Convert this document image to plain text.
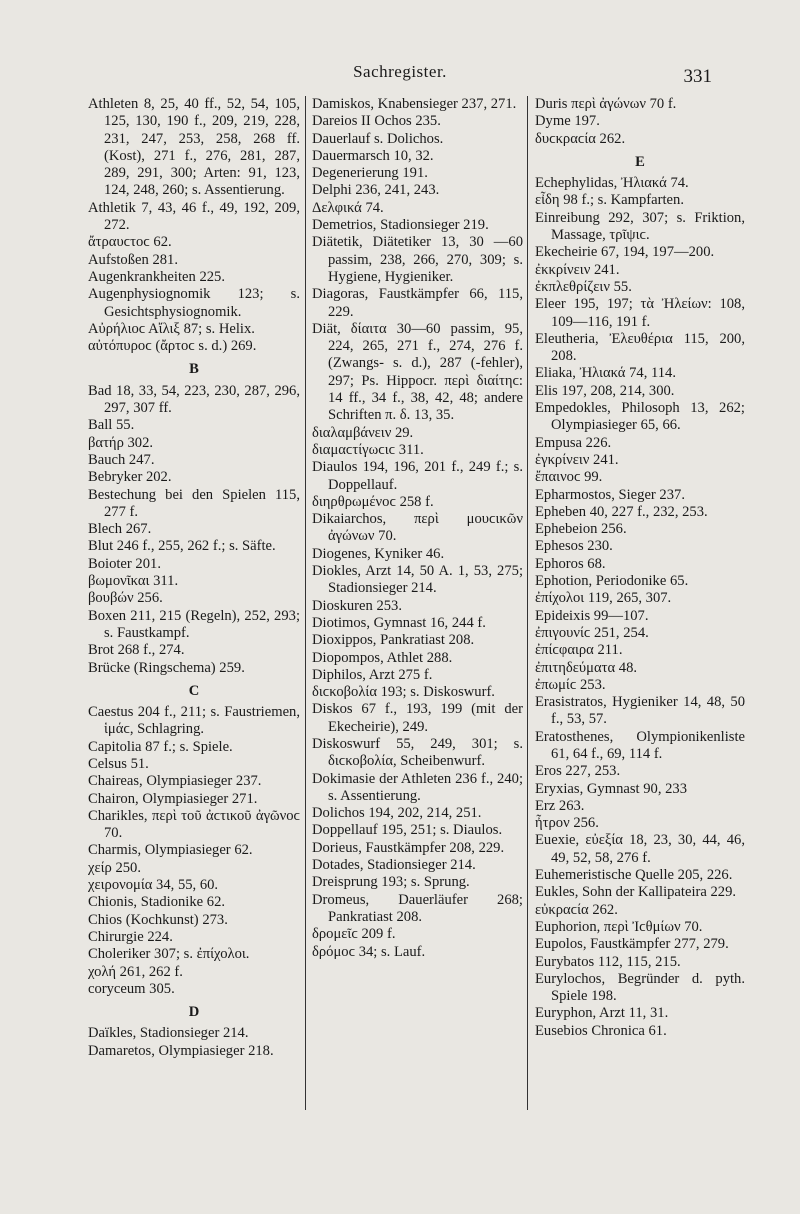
Sachregister.	331
Athleten 8, 25, 40 ff., 52, 54, 105, 125, 130, 190 f., 209, 219, 228, 231, 247, 253, 258, 268 ff. (Kost), 271 f., 276, 281, 287, 289, 291, 300; Arten: 91, 123, 124, 248, 260; s. Assentierung.
Athletik 7, 43, 46 f., 49, 192, 209, 272.
ἄτραυϲτοϲ 62.
Aufstoßen 281.
Augenkrankheiten 225.
Augenphysiognomik 123; s. Gesichtsphysiognomik.
Αὐρήλιοϲ Αἴλιξ 87; s. Helix.
αὐτόπυροϲ (ἄρτοϲ s. d.) 269.
B
Bad 18, 33, 54, 223, 230, 287, 296, 297, 307 ff.
Ball 55.
βατήρ 302.
Bauch 247.
Bebryker 202.
Bestechung bei den Spielen 115, 277 f.
Blech 267.
Blut 246 f., 255, 262 f.; s. Säfte.
Boioter 201.
βωμονῖκαι 311.
βουβών 256.
Boxen 211, 215 (Regeln), 252, 293; s. Faustkampf.
Brot 268 f., 274.
Brücke (Ringschema) 259.
C
Caestus 204 f., 211; s. Faustriemen, ἱμάϲ, Schlagring.
Capitolia 87 f.; s. Spiele.
Celsus 51.
Chaireas, Olympiasieger 237.
Chairon, Olympiasieger 271.
Charikles, περὶ τοῦ ἀϲτικοῦ ἀγῶνοϲ 70.
Charmis, Olympiasieger 62.
χείρ 250.
χειρονομία 34, 55, 60.
Chionis, Stadionike 62.
Chios (Kochkunst) 273.
Chirurgie 224.
Choleriker 307; s. ἐπίχολοι.
χολή 261, 262 f.
coryceum 305.
D
Daïkles, Stadionsieger 214.
Damaretos, Olympiasieger 218.
Damiskos, Knabensieger 237, 271.
Dareios II Ochos 235.
Dauerlauf s. Dolichos.
Dauermarsch 10, 32.
Degenerierung 191.
Delphi 236, 241, 243.
Δελφικά 74.
Demetrios, Stadionsieger 219.
Diätetik, Diätetiker 13, 30 —60 passim, 238, 266, 270, 309; s. Hygiene, Hygieniker.
Diagoras, Faustkämpfer 66, 115, 229.
Diät, δίαιτα 30—60 passim, 95, 224, 265, 271 f., 274, 276 f. (Zwangs- s. d.), 287 (-fehler), 297; Ps. Hippocr. περὶ διαίτηϲ: 14 ff., 34 f., 38, 42, 48; andere Schriften π. δ. 13, 35.
διαλαμβάνειν 29.
διαμαϲτίγωϲιϲ 311.
Diaulos 194, 196, 201 f., 249 f.; s. Doppellauf.
διηρθρωμένοϲ 258 f.
Dikaiarchos, περὶ μουϲικῶν ἀγώνων 70.
Diogenes, Kyniker 46.
Diokles, Arzt 14, 50 A. 1, 53, 275; Stadionsieger 214.
Dioskuren 253.
Diotimos, Gymnast 16, 244 f.
Dioxippos, Pankratiast 208.
Diopompos, Athlet 288.
Diphilos, Arzt 275 f.
διϲκοβολία 193; s. Diskoswurf.
Diskos 67 f., 193, 199 (mit der Ekecheirie), 249.
Diskoswurf 55, 249, 301; s. διϲκοβολία, Scheibenwurf.
Dokimasie der Athleten 236 f., 240; s. Assentierung.
Dolichos 194, 202, 214, 251.
Doppellauf 195, 251; s. Diaulos.
Dorieus, Faustkämpfer 208, 229.
Dotades, Stadionsieger 214.
Dreisprung 193; s. Sprung.
Dromeus, Dauerläufer 268; Pankratiast 208.
δρομεῖϲ 209 f.
δρόμοϲ 34; s. Lauf.
Duris περὶ ἀγώνων 70 f.
Dyme 197.
δυϲκραϲία 262.
E
Echephylidas, Ἠλιακά 74.
εἶδη 98 f.; s. Kampfarten.
Einreibung 292, 307; s. Friktion, Massage, τρῖψιϲ.
Ekecheirie 67, 194, 197—200.
ἐκκρίνειν 241.
ἐκπλεθρίζειν 55.
Eleer 195, 197; τὰ Ἠλείων: 108, 109—116, 191 f.
Eleutheria, Ἐλευθέρια 115, 200, 208.
Eliaka, Ἠλιακά 74, 114.
Elis 197, 208, 214, 300.
Empedokles, Philosoph 13, 262; Olympiasieger 65, 66.
Empusa 226.
ἐγκρίνειν 241.
ἔπαινοϲ 99.
Epharmostos, Sieger 237.
Epheben 40, 227 f., 232, 253.
Ephebeion 256.
Ephesos 230.
Ephoros 68.
Ephotion, Periodonike 65.
ἐπίχολοι 119, 265, 307.
Epideixis 99—107.
ἐπιγουνίϲ 251, 254.
ἐπίϲφαιρα 211.
ἐπιτηδεύματα 48.
ἐπωμίϲ 253.
Erasistratos, Hygieniker 14, 48, 50 f., 53, 57.
Eratosthenes, Olympionikenliste 61, 64 f., 69, 114 f.
Eros 227, 253.
Eryxias, Gymnast 90, 233
Erz 263.
ἦτρον 256.
Euexie, εὐεξία 18, 23, 30, 44, 46, 49, 52, 58, 276 f.
Euhemeristische Quelle 205, 226.
Eukles, Sohn der Kallipateira 229.
εὐκραϲία 262.
Euphorion, περὶ Ἰϲθμίων 70.
Eupolos, Faustkämpfer 277, 279.
Eurybatos 112, 115, 215.
Eurylochos, Begründer d. pyth. Spiele 198.
Euryphon, Arzt 11, 31.
Eusebios Chronica 61.
